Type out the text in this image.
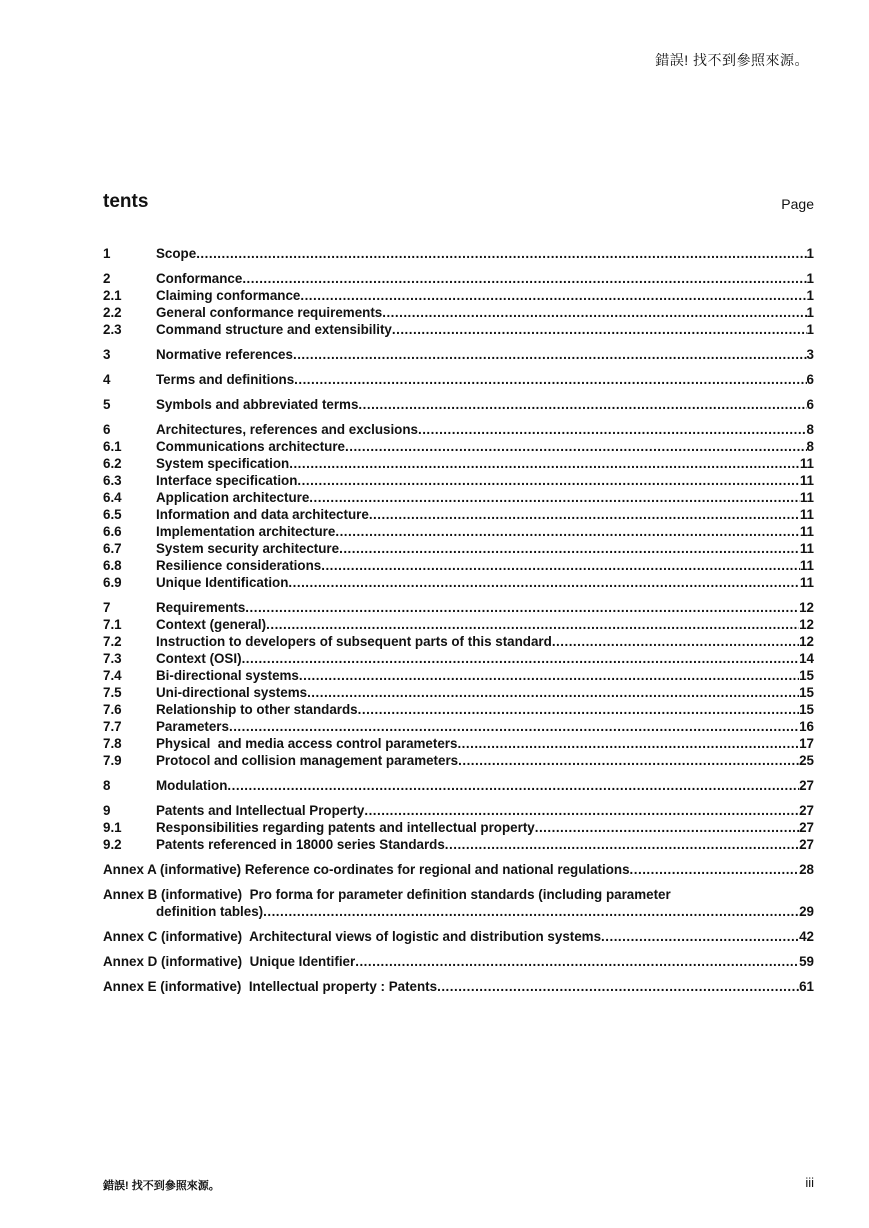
錯誤! 找不到參照來源。
tents	Page
1	Scope .....	1
2	Conformance .....	1
2.1	Claiming conformance .....	1
2.2	General conformance requirements .....	1
2.3	Command structure and extensibility .....	1
3	Normative references .....	3
4	Terms and definitions .....	6
5	Symbols and abbreviated terms .....	6
6	Architectures, references and exclusions .....	8
6.1	Communications architecture .....	8
6.2	System specification .....	11
6.3	Interface specification .....	11
6.4	Application architecture .....	11
6.5	Information and data architecture .....	11
6.6	Implementation architecture .....	11
6.7	System security architecture .....	11
6.8	Resilience considerations .....	11
6.9	Unique Identification .....	11
7	Requirements .....	12
7.1	Context (general) .....	12
7.2	Instruction to developers of subsequent parts of this standard .....	12
7.3	Context (OSI) .....	14
7.4	Bi-directional systems .....	15
7.5	Uni-directional systems .....	15
7.6	Relationship to other standards .....	15
7.7	Parameters .....	16
7.8	Physical  and media access control parameters .....	17
7.9	Protocol and collision management parameters .....	25
8	Modulation .....	27
9	Patents and Intellectual Property .....	27
9.1	Responsibilities regarding patents and intellectual property .....	27
9.2	Patents referenced in 18000 series Standards .....	27
Annex A (informative) Reference co-ordinates for regional and national regulations .....	28
Annex B (informative)  Pro forma for parameter definition standards (including parameter
definition tables) .....	29
Annex C (informative)  Architectural views of logistic and distribution systems .....	42
Annex D (informative)  Unique Identifier .....	59
Annex E (informative)  Intellectual property : Patents .....	61
錯誤! 找不到參照來源。	iii
